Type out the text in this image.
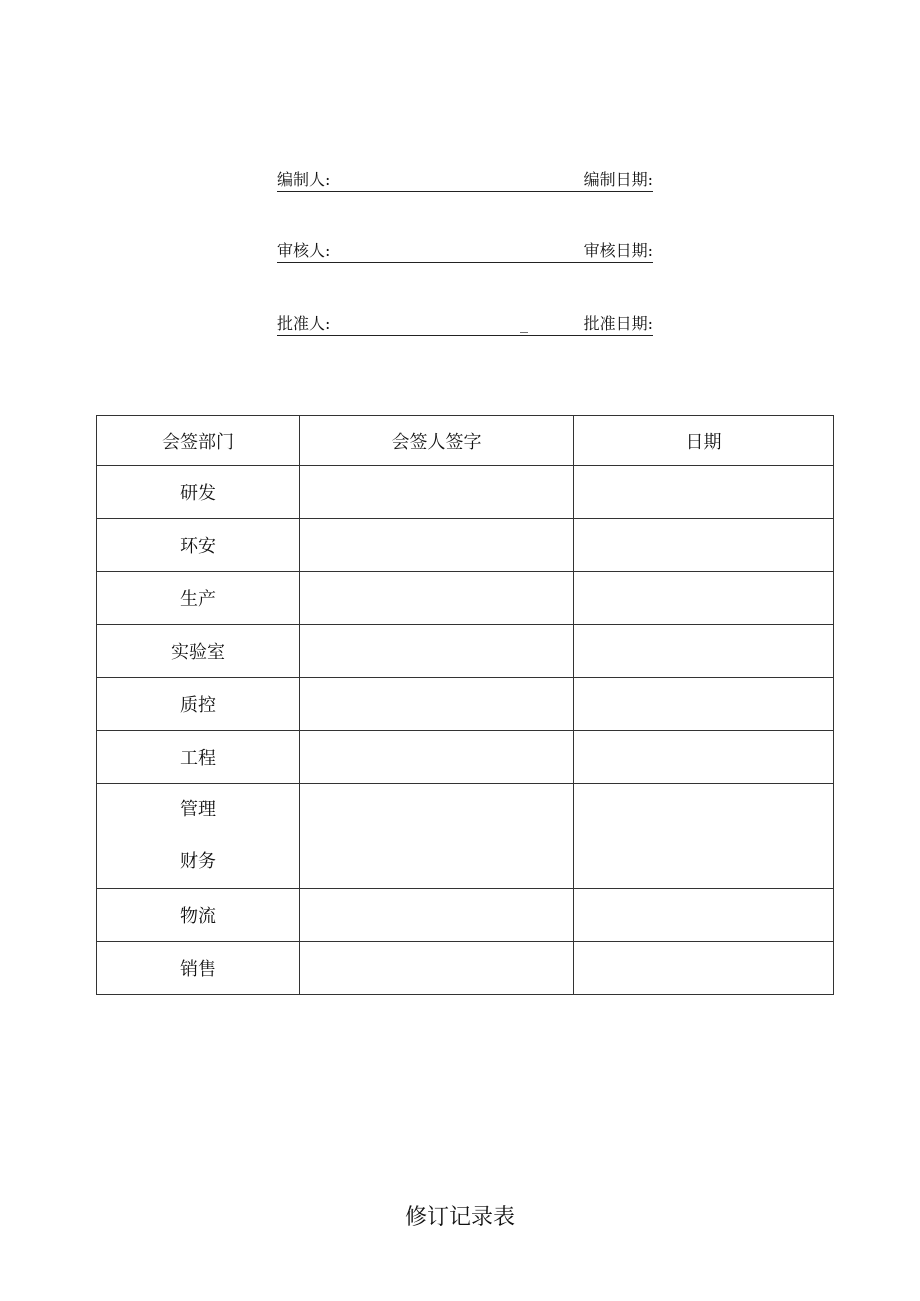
编制人:	编制日期:
审核人:	审核日期:
批准人:	_	批准日期:
会签部门	会签人签字	日期
研发		
环安		
生产		
实验室		
质控		
工程		

管理
财务		

物流		
销售		
修订记录表
